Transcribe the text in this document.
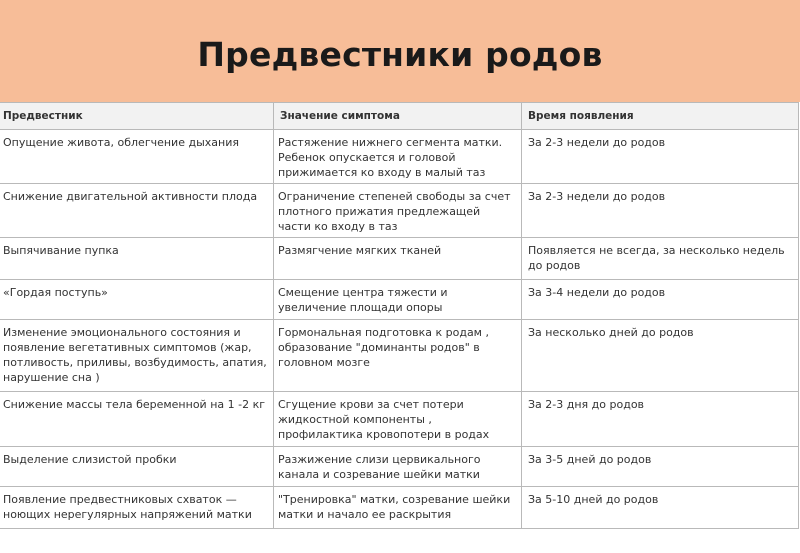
Предвестники родов
Предвестник	Значение симптома	Время появления
Опущение живота, облегчение дыхания	Растяжение нижнего сегмента матки. Ребенок опускается и головой прижимается ко входу в малый таз	За 2-3 недели до родов
Снижение двигательной активности плода	Ограничение степеней свободы за счет плотного прижатия предлежащей части ко входу в таз	За 2-3 недели до родов
Выпячивание пупка	Размягчение мягких тканей	Появляется не всегда, за несколько недель до родов
«Гордая поступь»	Смещение центра тяжести и увеличение площади опоры	За 3-4 недели до родов
Изменение эмоционального состояния и появление вегетативных симптомов (жар, потливость, приливы, возбудимость, апатия, нарушение сна )	Гормональная подготовка к родам , образование "доминанты родов" в головном мозге	За несколько дней до родов
Снижение массы тела беременной на 1 -2 кг	Сгущение крови за счет потери жидкостной компоненты , профилактика кровопотери в родах	За 2-3 дня до родов
Выделение слизистой пробки	Разжижение слизи цервикального канала и созревание шейки матки	За 3-5 дней до родов
Появление предвестниковых схваток — ноющих нерегулярных напряжений матки	"Тренировка" матки, созревание шейки матки и начало ее раскрытия	За 5-10 дней до родов
